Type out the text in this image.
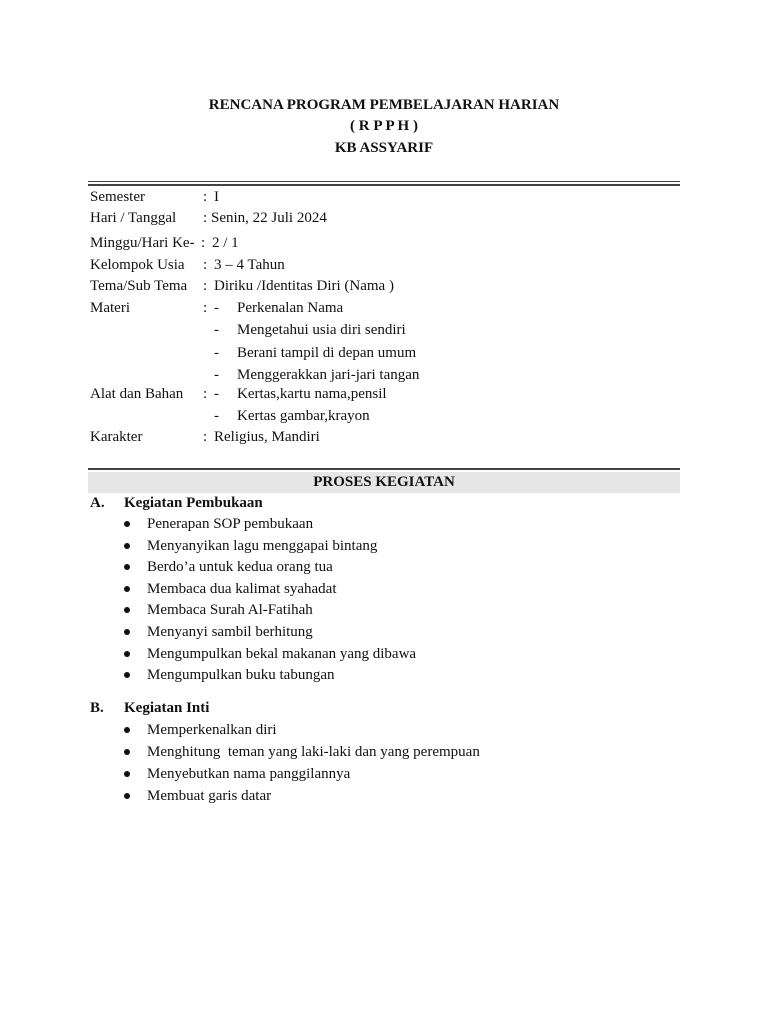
RENCANA PROGRAM PEMBELAJARAN HARIAN
( R P P H )
KB ASSYARIF
Semester	: I
Hari / Tanggal : Senin, 22 Juli 2024
Minggu/Hari Ke- : 2 / 1
Kelompok Usia : 3 – 4 Tahun
Tema/Sub Tema : Diriku /Identitas Diri (Nama )
Materi	: - Perkenalan Nama
- Mengetahui usia diri sendiri
- Berani tampil di depan umum
- Menggerakkan jari-jari tangan
Alat dan Bahan : - Kertas,kartu nama,pensil
- Kertas gambar,krayon
Karakter	: Religius, Mandiri
PROSES KEGIATAN
A. Kegiatan Pembukaan
Penerapan SOP pembukaan
Menyanyikan lagu menggapai bintang
Berdo’a untuk kedua orang tua
Membaca dua kalimat syahadat
Membaca Surah Al-Fatihah
Menyanyi sambil berhitung
Mengumpulkan bekal makanan yang dibawa
Mengumpulkan buku tabungan
B. Kegiatan Inti
Memperkenalkan diri
Menghitung  teman yang laki-laki dan yang perempuan
Menyebutkan nama panggilannya
Membuat garis datar
